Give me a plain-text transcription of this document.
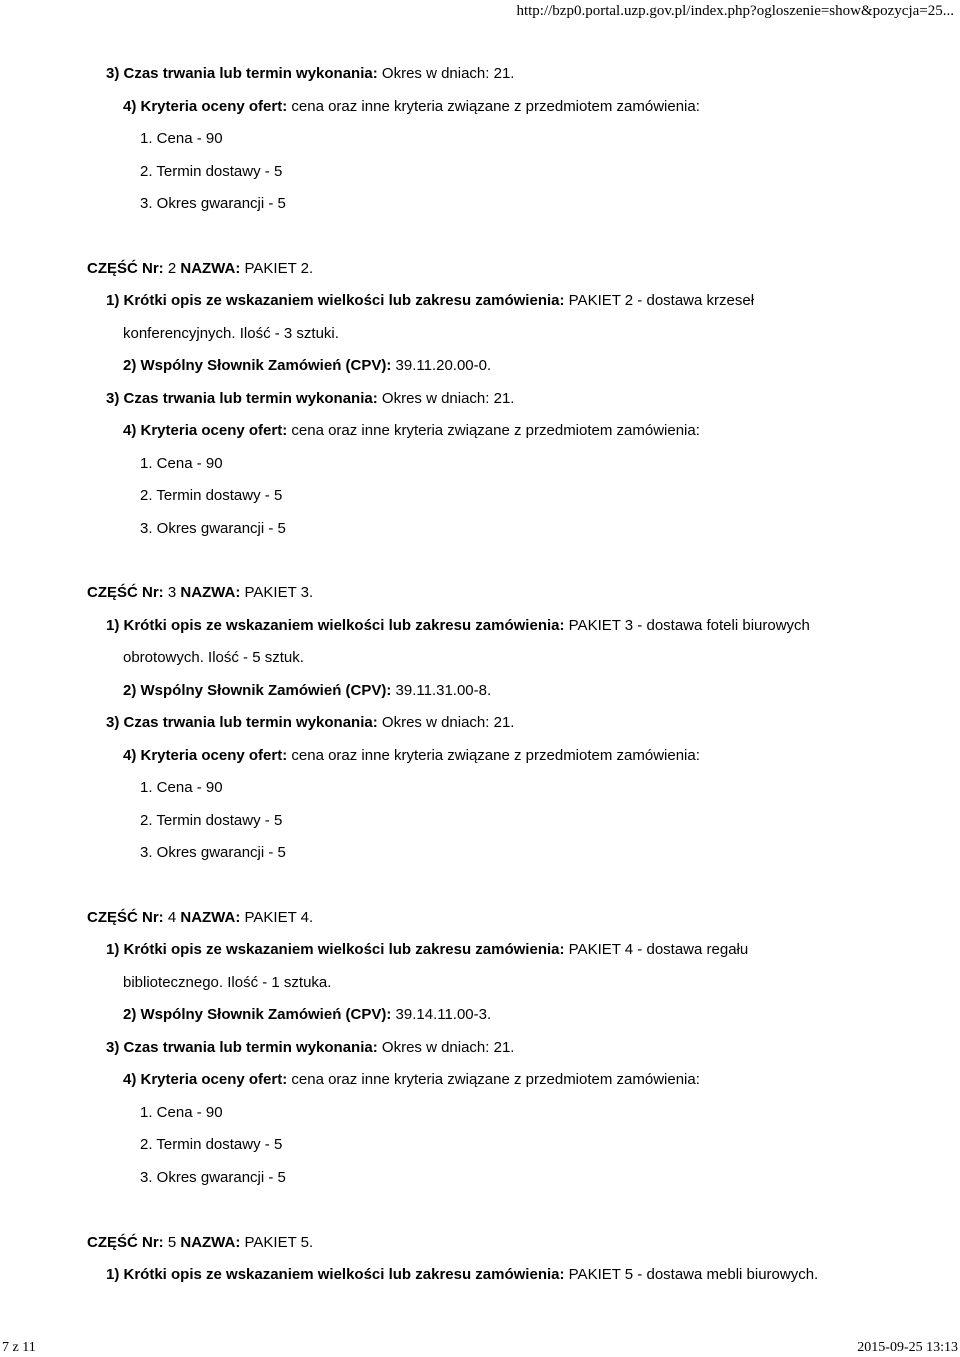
http://bzp0.portal.uzp.gov.pl/index.php?ogloszenie=show&pozycja=25...
3) Czas trwania lub termin wykonania: Okres w dniach: 21.
4) Kryteria oceny ofert: cena oraz inne kryteria związane z przedmiotem zamówienia:
1. Cena - 90
2. Termin dostawy - 5
3. Okres gwarancji - 5
CZĘŚĆ Nr: 2 NAZWA: PAKIET 2.
1) Krótki opis ze wskazaniem wielkości lub zakresu zamówienia: PAKIET 2 - dostawa krzeseł
konferencyjnych. Ilość - 3 sztuki.
2) Wspólny Słownik Zamówień (CPV): 39.11.20.00-0.
3) Czas trwania lub termin wykonania: Okres w dniach: 21.
4) Kryteria oceny ofert: cena oraz inne kryteria związane z przedmiotem zamówienia:
1. Cena - 90
2. Termin dostawy - 5
3. Okres gwarancji - 5
CZĘŚĆ Nr: 3 NAZWA: PAKIET 3.
1) Krótki opis ze wskazaniem wielkości lub zakresu zamówienia: PAKIET 3 - dostawa foteli biurowych
obrotowych. Ilość - 5 sztuk.
2) Wspólny Słownik Zamówień (CPV): 39.11.31.00-8.
3) Czas trwania lub termin wykonania: Okres w dniach: 21.
4) Kryteria oceny ofert: cena oraz inne kryteria związane z przedmiotem zamówienia:
1. Cena - 90
2. Termin dostawy - 5
3. Okres gwarancji - 5
CZĘŚĆ Nr: 4 NAZWA: PAKIET 4.
1) Krótki opis ze wskazaniem wielkości lub zakresu zamówienia: PAKIET 4 - dostawa regału
bibliotecznego. Ilość - 1 sztuka.
2) Wspólny Słownik Zamówień (CPV): 39.14.11.00-3.
3) Czas trwania lub termin wykonania: Okres w dniach: 21.
4) Kryteria oceny ofert: cena oraz inne kryteria związane z przedmiotem zamówienia:
1. Cena - 90
2. Termin dostawy - 5
3. Okres gwarancji - 5
CZĘŚĆ Nr: 5 NAZWA: PAKIET 5.
1) Krótki opis ze wskazaniem wielkości lub zakresu zamówienia: PAKIET 5 - dostawa mebli biurowych.
7 z 11	2015-09-25 13:13
